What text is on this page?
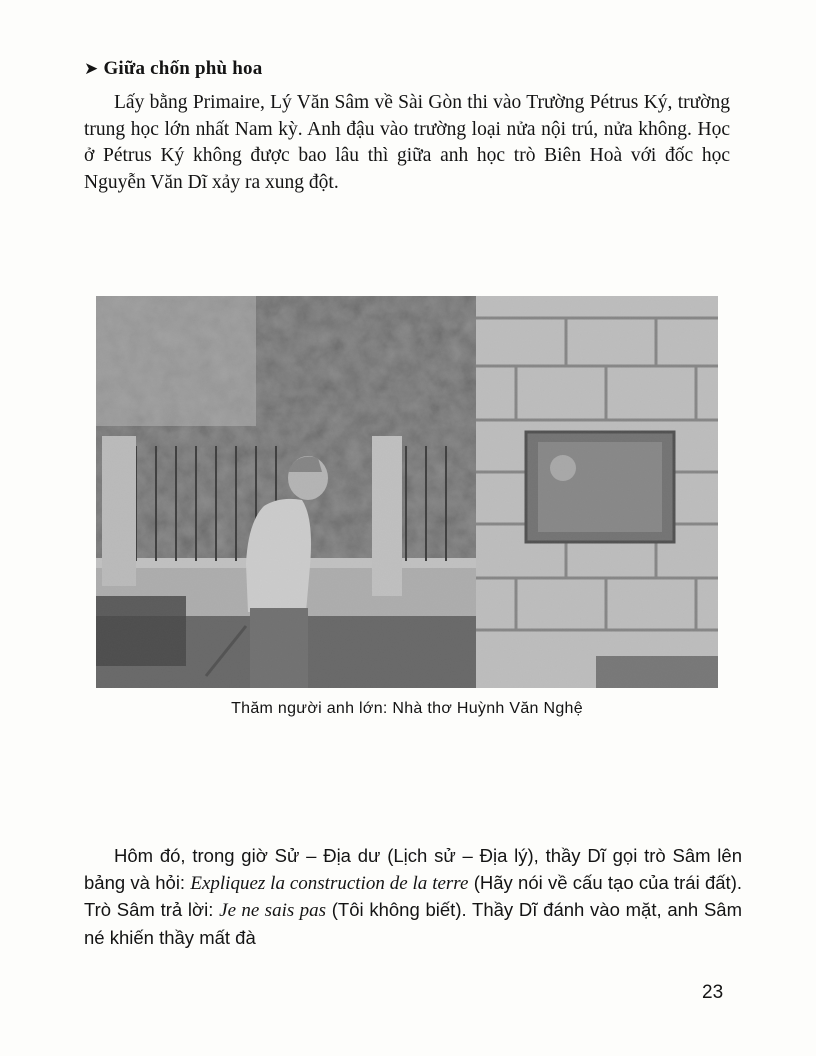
➤ Giữa chốn phù hoa

Lấy bằng Primaire, Lý Văn Sâm về Sài Gòn thi vào Trường Pétrus Ký, trường trung học lớn nhất Nam kỳ. Anh đậu vào trường loại nửa nội trú, nửa không. Học ở Pétrus Ký không được bao lâu thì giữa anh học trò Biên Hoà với đốc học Nguyễn Văn Dĩ xảy ra xung đột.

Thăm người anh lớn: Nhà thơ Huỳnh Văn Nghệ

Hôm đó, trong giờ Sử – Địa dư (Lịch sử – Địa lý), thầy Dĩ gọi trò Sâm lên bảng và hỏi: Expliquez la construction de la terre (Hãy nói về cấu tạo của trái đất). Trò Sâm trả lời: Je ne sais pas (Tôi không biết). Thầy Dĩ đánh vào mặt, anh Sâm né khiến thầy mất đà

23
